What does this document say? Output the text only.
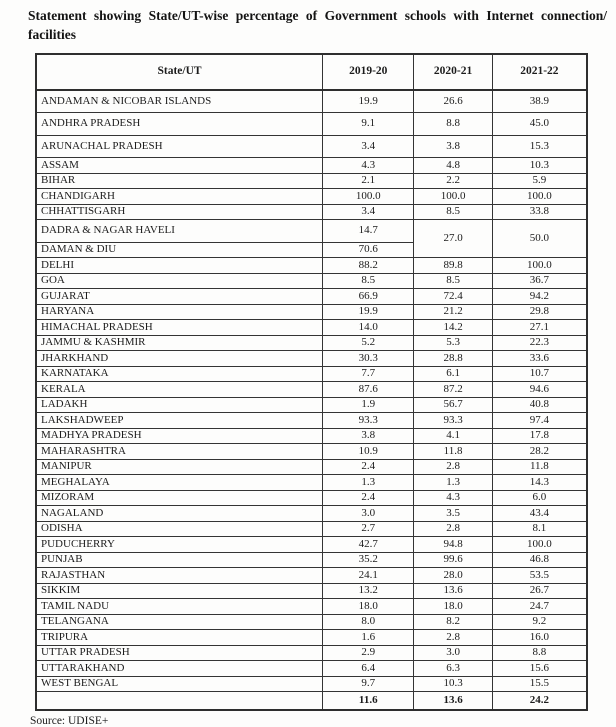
Statement showing State/UT-wise percentage of Government schools with Internet connection/
facilities
State/UT	2019-20	2020-21	2021-22
ANDAMAN & NICOBAR ISLANDS	19.9	26.6	38.9
ANDHRA PRADESH	9.1	8.8	45.0
ARUNACHAL PRADESH	3.4	3.8	15.3
ASSAM	4.3	4.8	10.3
BIHAR	2.1	2.2	5.9
CHANDIGARH	100.0	100.0	100.0
CHHATTISGARH	3.4	8.5	33.8
DADRA & NAGAR HAVELI	14.7	27.0	50.0
DAMAN & DIU	70.6		
DELHI	88.2	89.8	100.0
GOA	8.5	8.5	36.7
GUJARAT	66.9	72.4	94.2
HARYANA	19.9	21.2	29.8
HIMACHAL PRADESH	14.0	14.2	27.1
JAMMU & KASHMIR	5.2	5.3	22.3
JHARKHAND	30.3	28.8	33.6
KARNATAKA	7.7	6.1	10.7
KERALA	87.6	87.2	94.6
LADAKH	1.9	56.7	40.8
LAKSHADWEEP	93.3	93.3	97.4
MADHYA PRADESH	3.8	4.1	17.8
MAHARASHTRA	10.9	11.8	28.2
MANIPUR	2.4	2.8	11.8
MEGHALAYA	1.3	1.3	14.3
MIZORAM	2.4	4.3	6.0
NAGALAND	3.0	3.5	43.4
ODISHA	2.7	2.8	8.1
PUDUCHERRY	42.7	94.8	100.0
PUNJAB	35.2	99.6	46.8
RAJASTHAN	24.1	28.0	53.5
SIKKIM	13.2	13.6	26.7
TAMIL NADU	18.0	18.0	24.7
TELANGANA	8.0	8.2	9.2
TRIPURA	1.6	2.8	16.0
UTTAR PRADESH	2.9	3.0	8.8
UTTARAKHAND	6.4	6.3	15.6
WEST BENGAL	9.7	10.3	15.5
	11.6	13.6	24.2
Source: UDISE+
